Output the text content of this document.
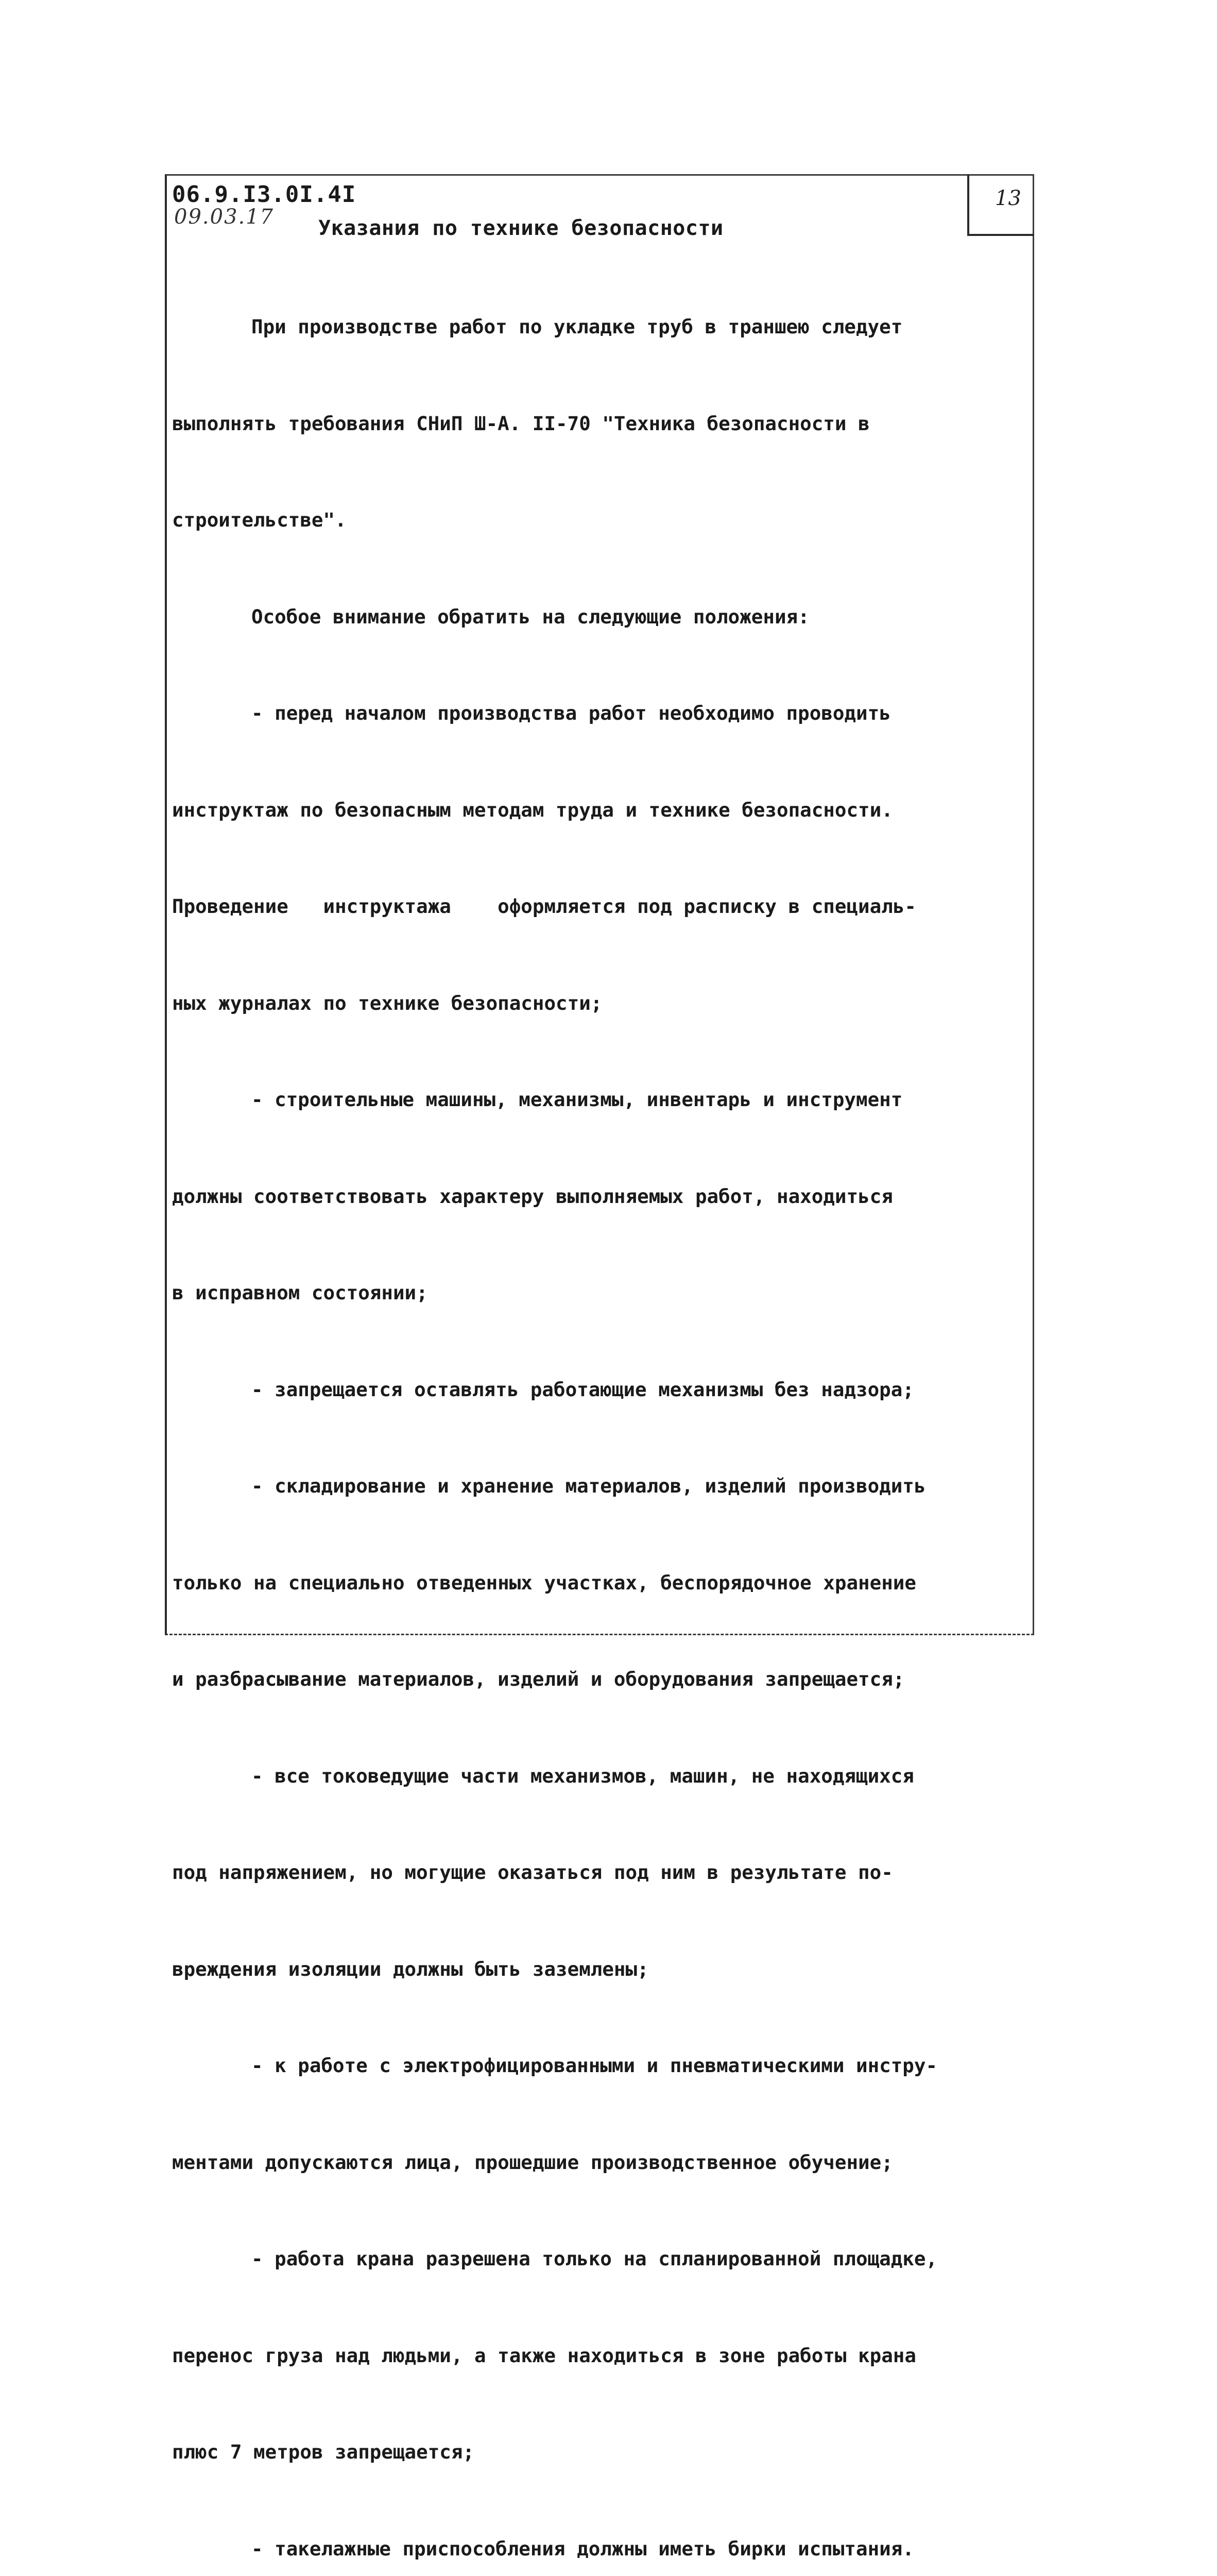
13
06.9.I3.0I.4I
09.03.17 Указания по технике безопасности

При производстве работ по укладке труб в траншею следует

выполнять требования СНиП Ш-А. II-70 "Техника безопасности в

строительстве".

Особое внимание обратить на следующие положения:

- перед началом производства работ необходимо проводить

инструктаж по безопасным методам труда и технике безопасности.

Проведение   инструктажа    оформляется под расписку в специаль-

ных журналах по технике безопасности;

- строительные машины, механизмы, инвентарь и инструмент

должны соответствовать характеру выполняемых работ, находиться

в исправном состоянии;

- запрещается оставлять работающие механизмы без надзора;

- складирование и хранение материалов, изделий производить

только на специально отведенных участках, беспорядочное хранение

и разбрасывание материалов, изделий и оборудования запрещается;

- все токоведущие части механизмов, машин, не находящихся

под напряжением, но могущие оказаться под ним в результате по-

вреждения изоляции должны быть заземлены;

- к работе с электрофицированными и пневматическими инстру-

ментами допускаются лица, прошедшие производственное обучение;

- работа крана разрешена только на спланированной площадке,

перенос груза над людьми, а также находиться в зоне работы крана

плюс 7 метров запрещается;

- такелажные приспособления должны иметь бирки испытания.
